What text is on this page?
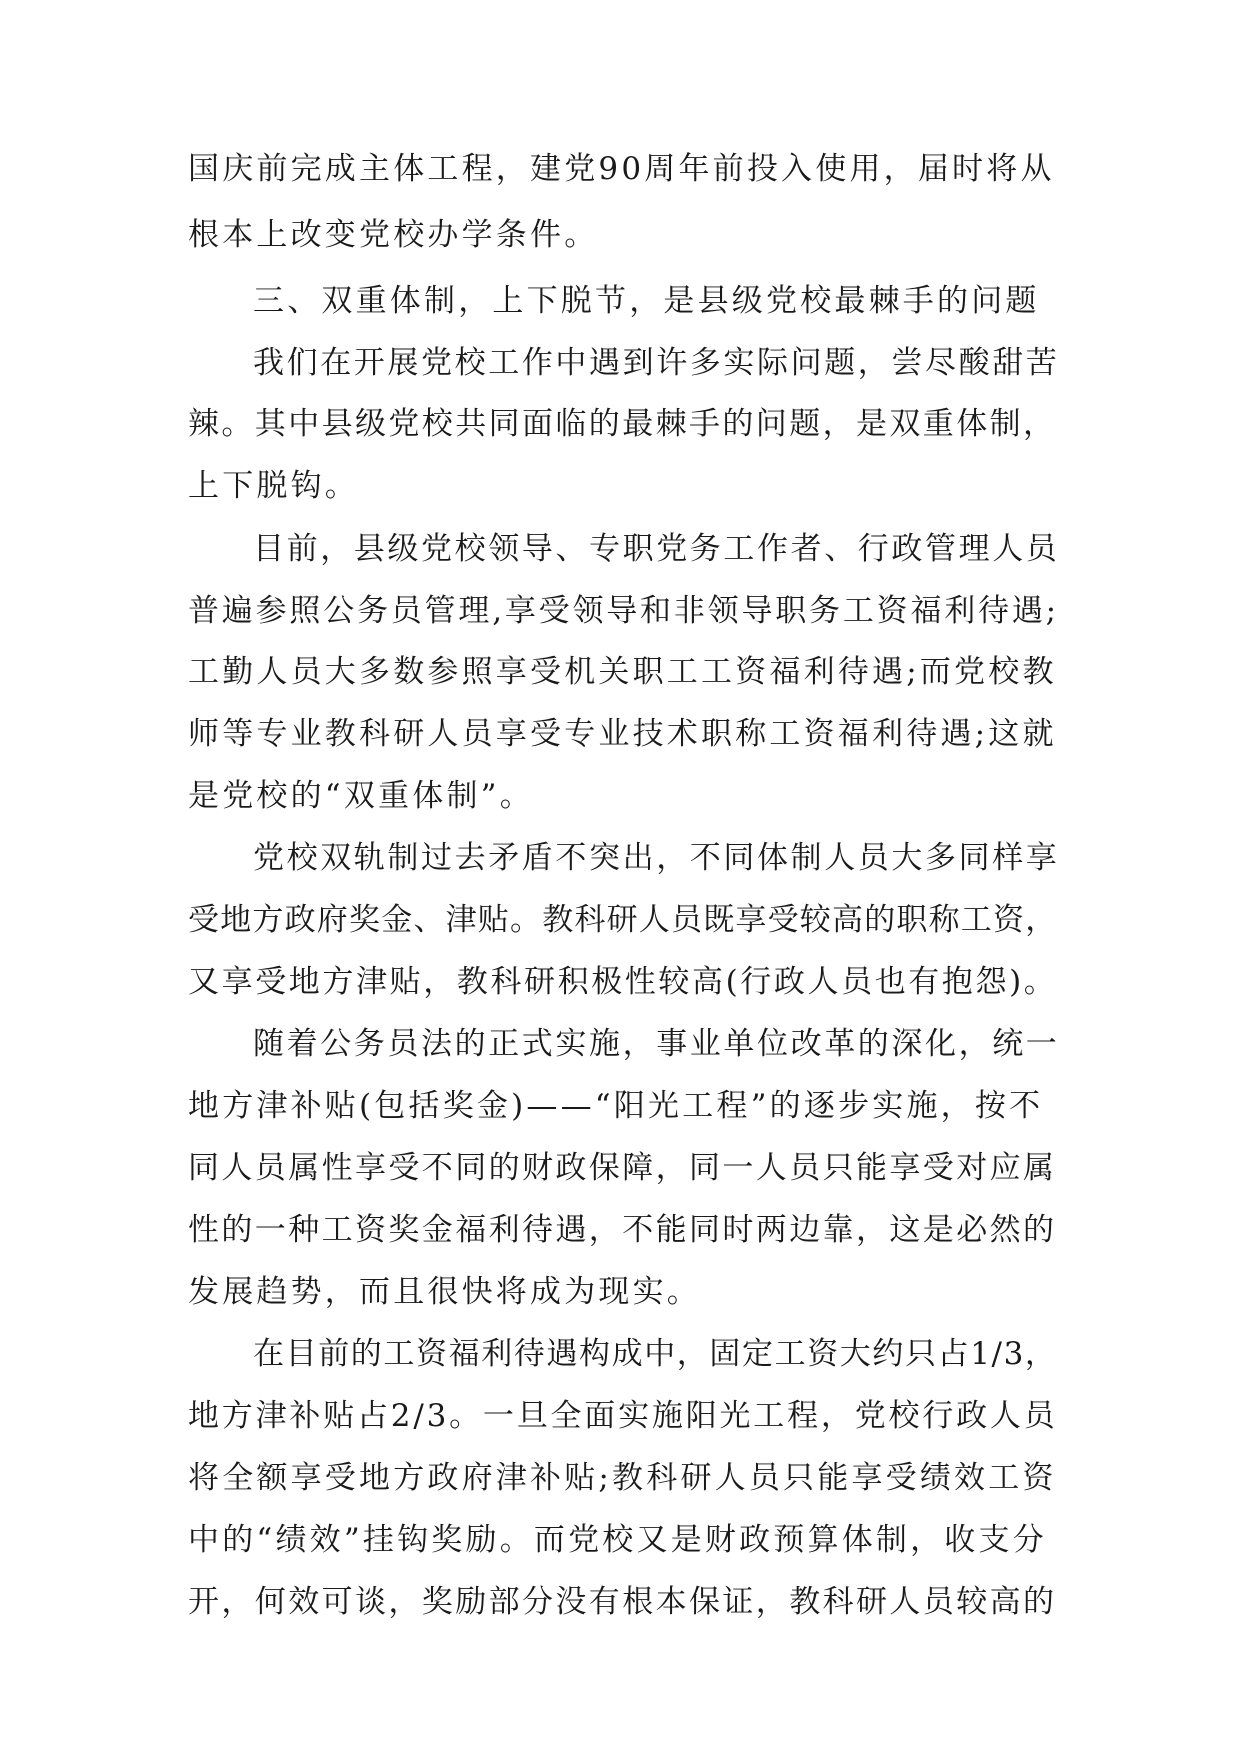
国庆前完成主体工程，建党90周年前投入使用，届时将从
根本上改变党校办学条件。
三、双重体制，上下脱节，是县级党校最棘手的问题
我们在开展党校工作中遇到许多实际问题，尝尽酸甜苦
辣。其中县级党校共同面临的最棘手的问题，是双重体制，
上下脱钩。
目前，县级党校领导、专职党务工作者、行政管理人员
普遍参照公务员管理,享受领导和非领导职务工资福利待遇;
工勤人员大多数参照享受机关职工工资福利待遇;而党校教
师等专业教科研人员享受专业技术职称工资福利待遇;这就
是党校的“双重体制”。
党校双轨制过去矛盾不突出，不同体制人员大多同样享
受地方政府奖金、津贴。教科研人员既享受较高的职称工资，
又享受地方津贴，教科研积极性较高(行政人员也有抱怨)。
随着公务员法的正式实施，事业单位改革的深化，统一
地方津补贴(包括奖金)——“阳光工程”的逐步实施，按不
同人员属性享受不同的财政保障，同一人员只能享受对应属
性的一种工资奖金福利待遇，不能同时两边靠，这是必然的
发展趋势，而且很快将成为现实。
在目前的工资福利待遇构成中，固定工资大约只占1/3，
地方津补贴占2/3。一旦全面实施阳光工程，党校行政人员
将全额享受地方政府津补贴;教科研人员只能享受绩效工资
中的“绩效”挂钩奖励。而党校又是财政预算体制，收支分
开，何效可谈，奖励部分没有根本保证，教科研人员较高的
